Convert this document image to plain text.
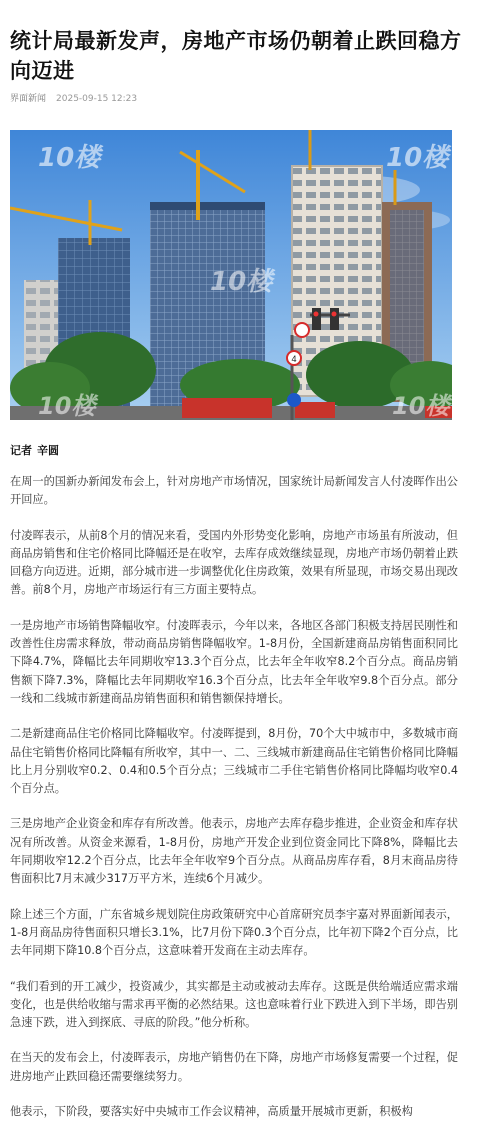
统计局最新发声，房地产市场仍朝着止跌回稳方向迈进
界面新闻 2025-09-15 12:23
4
10楼	10楼
10楼
10楼	10楼
记者 辛圆

在周一的国新办新闻发布会上，针对房地产市场情况，国家统计局新闻发言人付凌晖作出公开回应。

付凌晖表示，从前8个月的情况来看，受国内外形势变化影响，房地产市场虽有所波动，但商品房销售和住宅价格同比降幅还是在收窄，去库存成效继续显现，房地产市场仍朝着止跌回稳方向迈进。近期，部分城市进一步调整优化住房政策，效果有所显现，市场交易出现改善。前8个月，房地产市场运行有三方面主要特点。

一是房地产市场销售降幅收窄。付凌晖表示，今年以来，各地区各部门积极支持居民刚性和改善性住房需求释放，带动商品房销售降幅收窄。1-8月份，全国新建商品房销售面积同比下降4.7%，降幅比去年同期收窄13.3个百分点，比去年全年收窄8.2个百分点。商品房销售额下降7.3%，降幅比去年同期收窄16.3个百分点，比去年全年收窄9.8个百分点。部分一线和二线城市新建商品房销售面积和销售额保持增长。

二是新建商品住宅价格同比降幅收窄。付凌晖提到，8月份，70个大中城市中，多数城市商品住宅销售价格同比降幅有所收窄，其中一、二、三线城市新建商品住宅销售价格同比降幅比上月分别收窄0.2、0.4和0.5个百分点；三线城市二手住宅销售价格同比降幅均收窄0.4个百分点。

三是房地产企业资金和库存有所改善。他表示，房地产去库存稳步推进，企业资金和库存状况有所改善。从资金来源看，1-8月份，房地产开发企业到位资金同比下降8%，降幅比去年同期收窄12.2个百分点，比去年全年收窄9个百分点。从商品房库存看，8月末商品房待售面积比7月末减少317万平方米，连续6个月减少。

除上述三个方面，广东省城乡规划院住房政策研究中心首席研究员李宇嘉对界面新闻表示，1-8月商品房待售面积只增长3.1%，比7月份下降0.3个百分点，比年初下降2个百分点，比去年同期下降10.8个百分点，这意味着开发商在主动去库存。

“我们看到的开工减少，投资减少，其实都是主动或被动去库存。这既是供给端适应需求端变化，也是供给收缩与需求再平衡的必然结果。这也意味着行业下跌进入到下半场，即告别急速下跌，进入到探底、寻底的阶段。”他分析称。

在当天的发布会上，付凌晖表示，房地产销售仍在下降，房地产市场修复需要一个过程，促进房地产止跌回稳还需要继续努力。

他表示，下阶段，要落实好中央城市工作会议精神，高质量开展城市更新，积极构
